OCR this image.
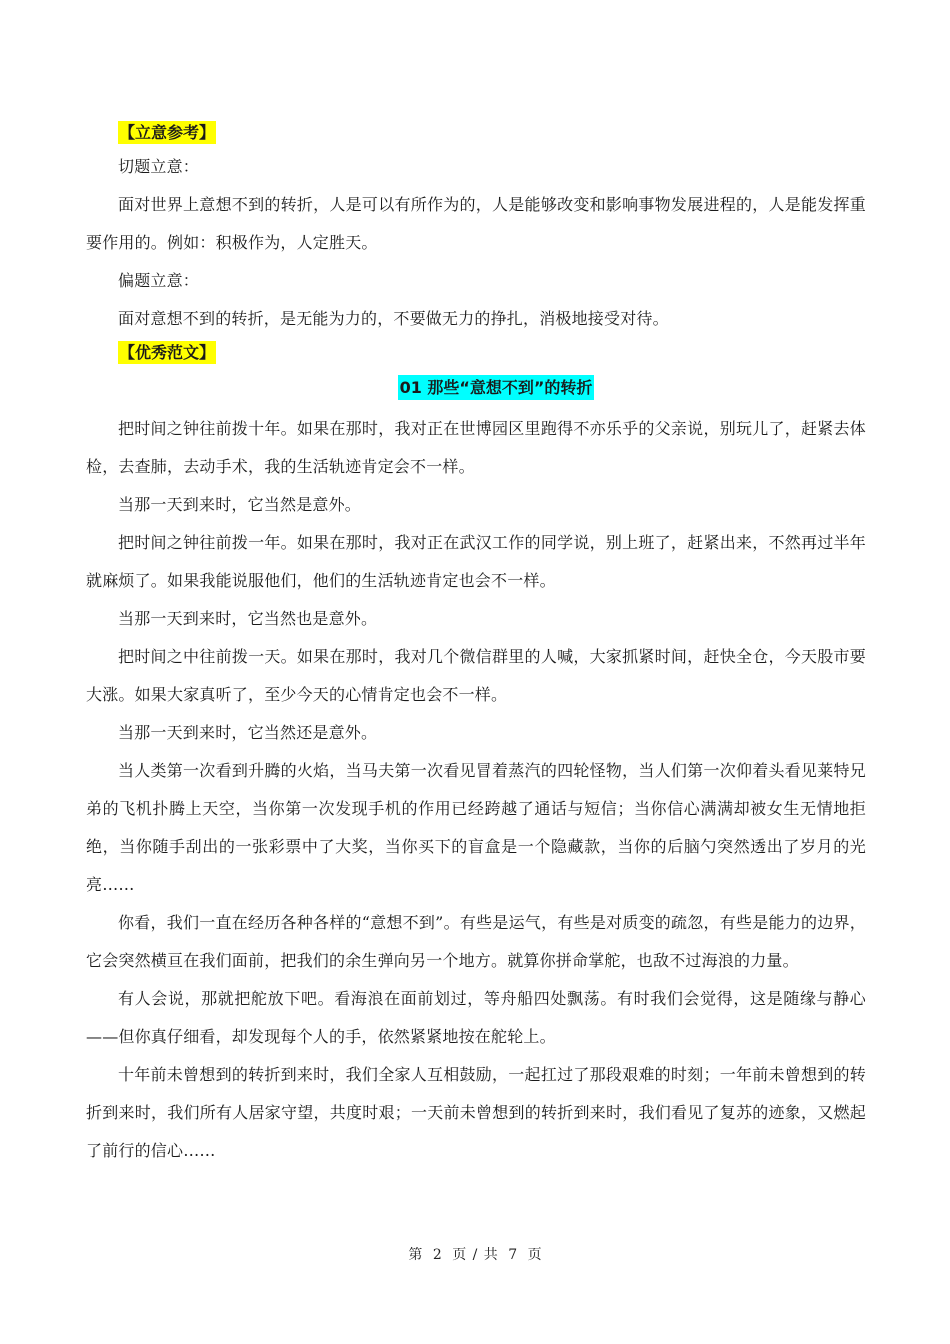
【立意参考】

切题立意：

面对世界上意想不到的转折，人是可以有所作为的，人是能够改变和影响事物发展进程的，人是能发挥重要作用的。例如：积极作为，人定胜天。

偏题立意：

面对意想不到的转折，是无能为力的，不要做无力的挣扎，消极地接受对待。

【优秀范文】

01 那些“意想不到”的转折

把时间之钟往前拨十年。如果在那时，我对正在世博园区里跑得不亦乐乎的父亲说，别玩儿了，赶紧去体检，去查肺，去动手术，我的生活轨迹肯定会不一样。

当那一天到来时，它当然是意外。

把时间之钟往前拨一年。如果在那时，我对正在武汉工作的同学说，别上班了，赶紧出来，不然再过半年就麻烦了。如果我能说服他们，他们的生活轨迹肯定也会不一样。

当那一天到来时，它当然也是意外。

把时间之中往前拨一天。如果在那时，我对几个微信群里的人喊，大家抓紧时间，赶快全仓，今天股市要大涨。如果大家真听了，至少今天的心情肯定也会不一样。

当那一天到来时，它当然还是意外。

当人类第一次看到升腾的火焰，当马夫第一次看见冒着蒸汽的四轮怪物，当人们第一次仰着头看见莱特兄弟的飞机扑腾上天空，当你第一次发现手机的作用已经跨越了通话与短信；当你信心满满却被女生无情地拒绝，当你随手刮出的一张彩票中了大奖，当你买下的盲盒是一个隐藏款，当你的后脑勺突然透出了岁月的光亮……

你看，我们一直在经历各种各样的“意想不到”。有些是运气，有些是对质变的疏忽，有些是能力的边界，它会突然横亘在我们面前，把我们的余生弹向另一个地方。就算你拼命掌舵，也敌不过海浪的力量。

有人会说，那就把舵放下吧。看海浪在面前划过，等舟船四处飘荡。有时我们会觉得，这是随缘与静心——但你真仔细看，却发现每个人的手，依然紧紧地按在舵轮上。

十年前未曾想到的转折到来时，我们全家人互相鼓励，一起扛过了那段艰难的时刻；一年前未曾想到的转折到来时，我们所有人居家守望，共度时艰；一天前未曾想到的转折到来时，我们看见了复苏的迹象，又燃起了前行的信心……

第 2 页 / 共 7 页
